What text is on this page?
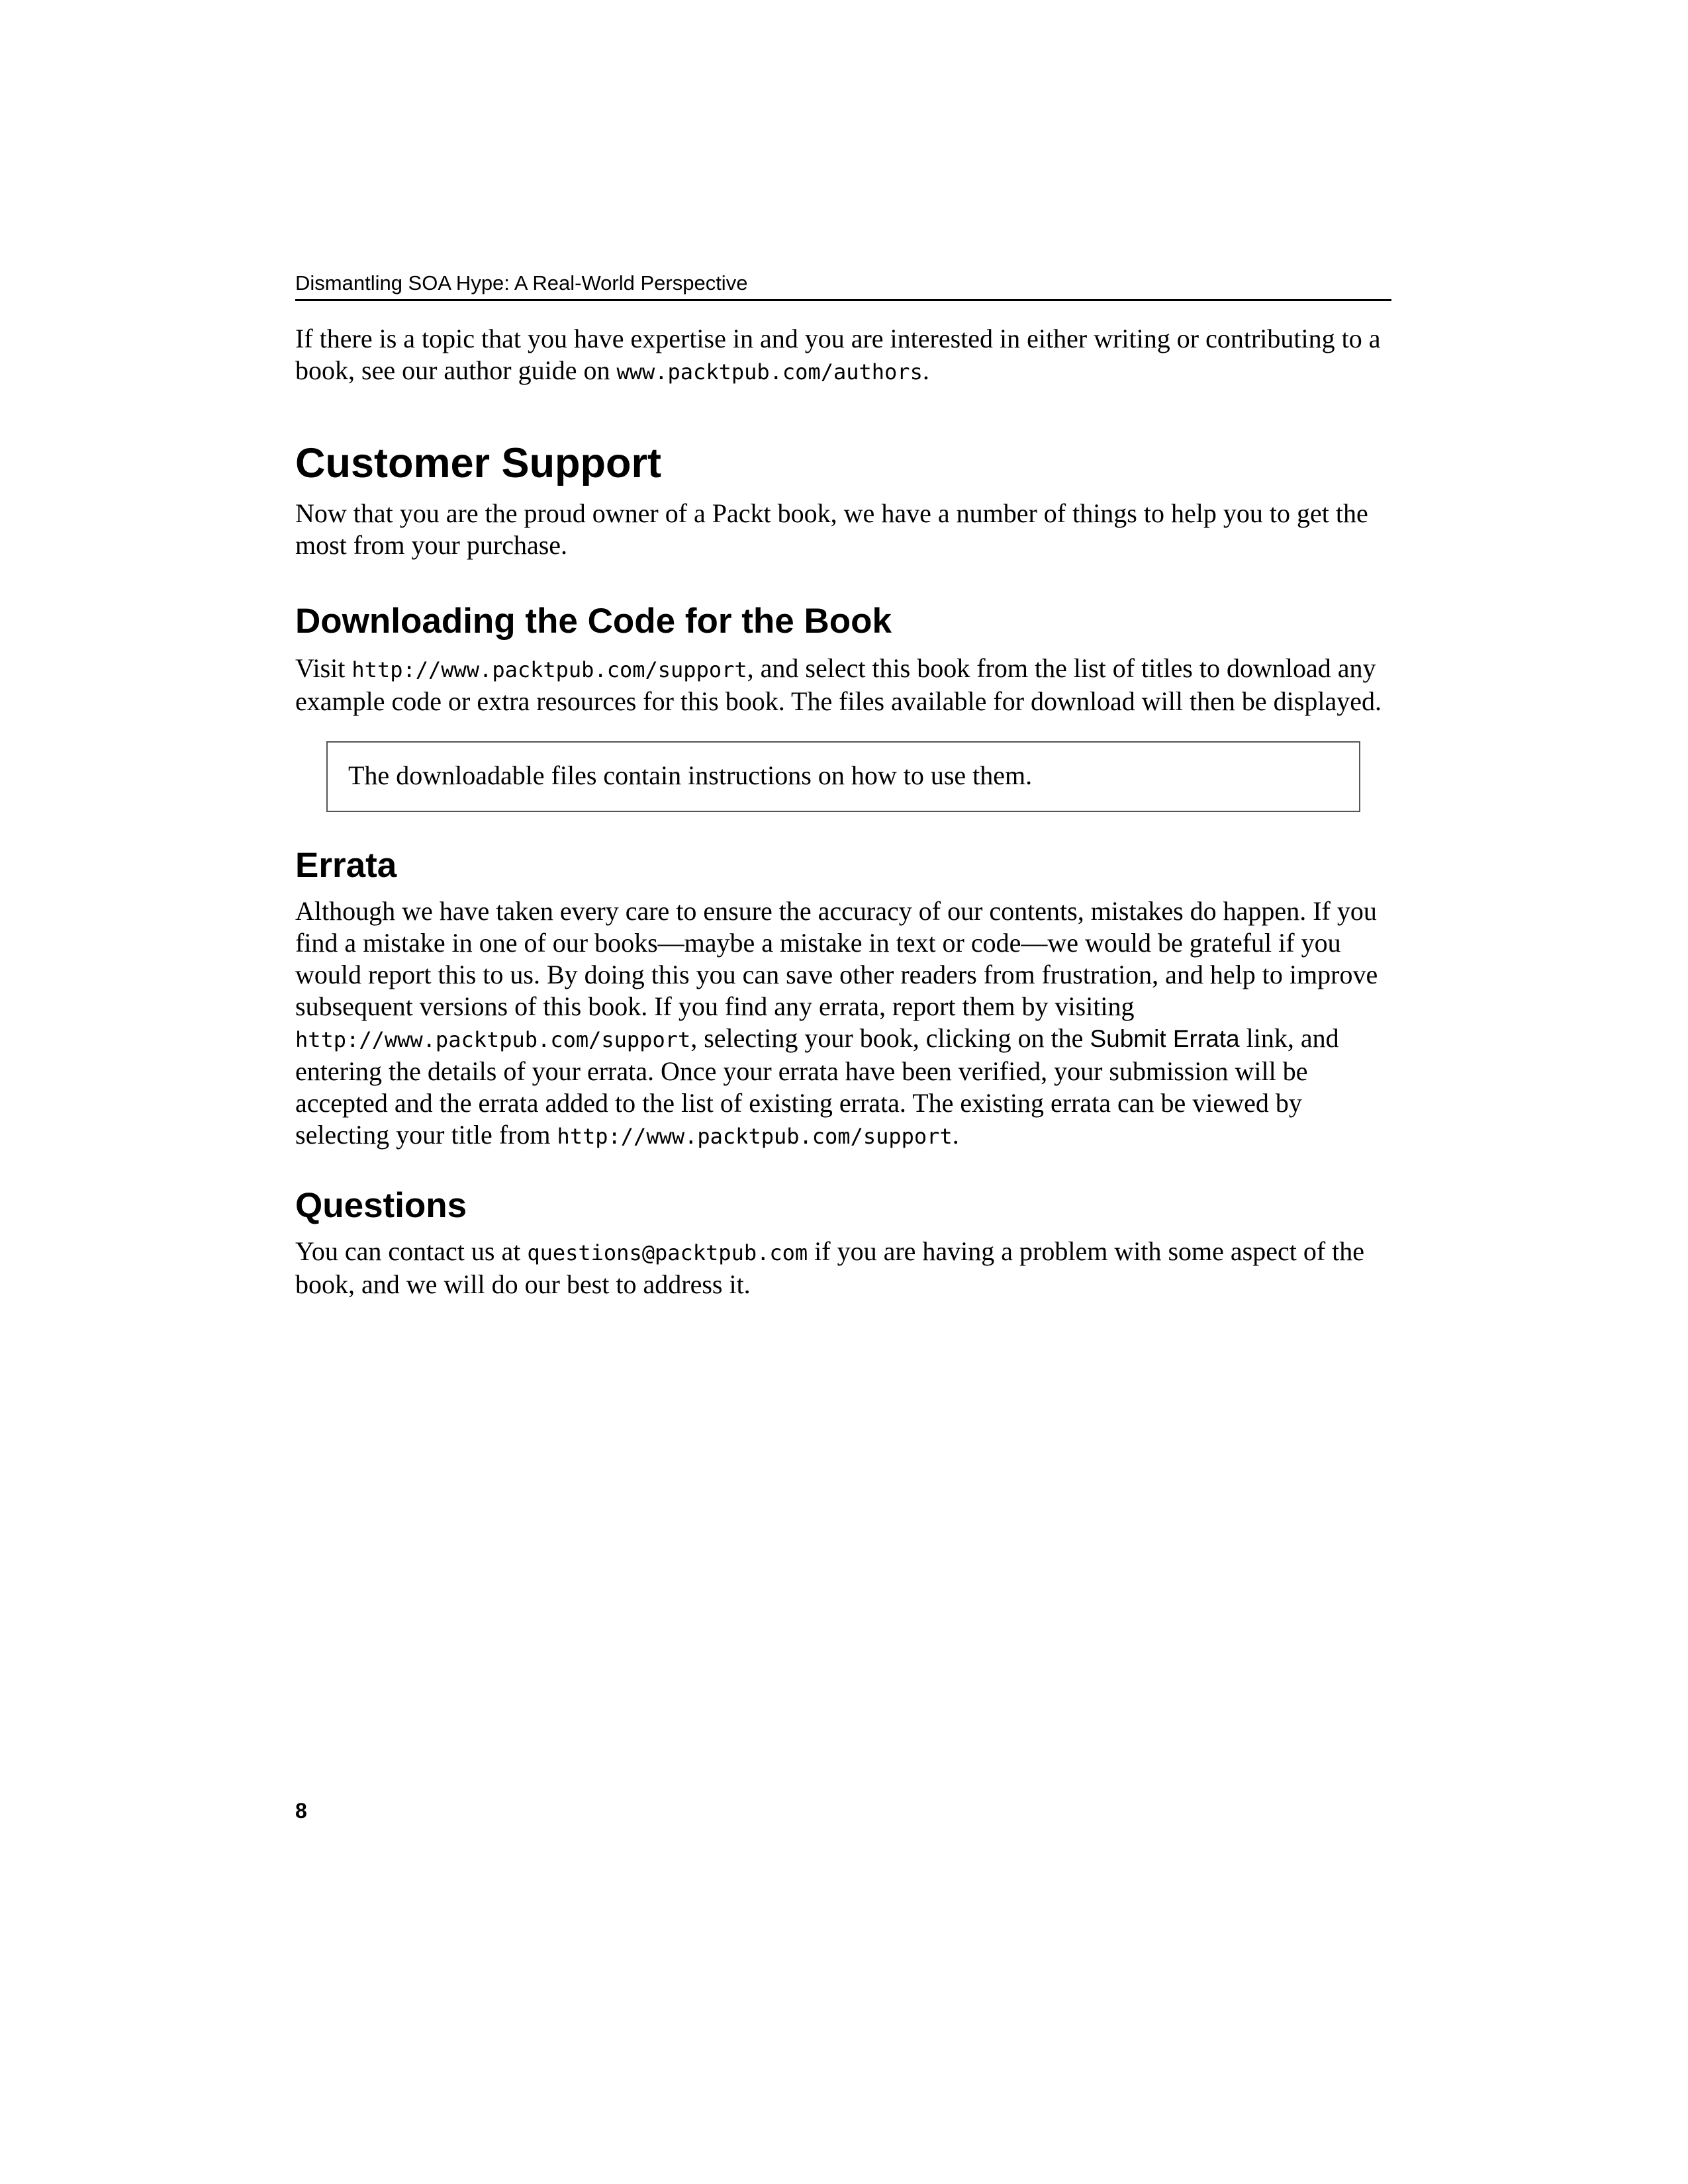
Dismantling SOA Hype: A Real-World Perspective

If there is a topic that you have expertise in and you are interested in either writing or contributing to a book, see our author guide on www.packtpub.com/authors.

Customer Support

Now that you are the proud owner of a Packt book, we have a number of things to help you to get the most from your purchase.

Downloading the Code for the Book

Visit http://www.packtpub.com/support, and select this book from the list of titles to download any example code or extra resources for this book. The files available for download will then be displayed.

The downloadable files contain instructions on how to use them.

Errata

Although we have taken every care to ensure the accuracy of our contents, mistakes do happen. If you find a mistake in one of our books—maybe a mistake in text or code—we would be grateful if you would report this to us. By doing this you can save other readers from frustration, and help to improve subsequent versions of this book. If you find any errata, report them by visiting http://www.packtpub.com/support, selecting your book, clicking on the Submit Errata link, and entering the details of your errata. Once your errata have been verified, your submission will be accepted and the errata added to the list of existing errata. The existing errata can be viewed by selecting your title from http://www.packtpub.com/support.

Questions

You can contact us at questions@packtpub.com if you are having a problem with some aspect of the book, and we will do our best to address it.

8
